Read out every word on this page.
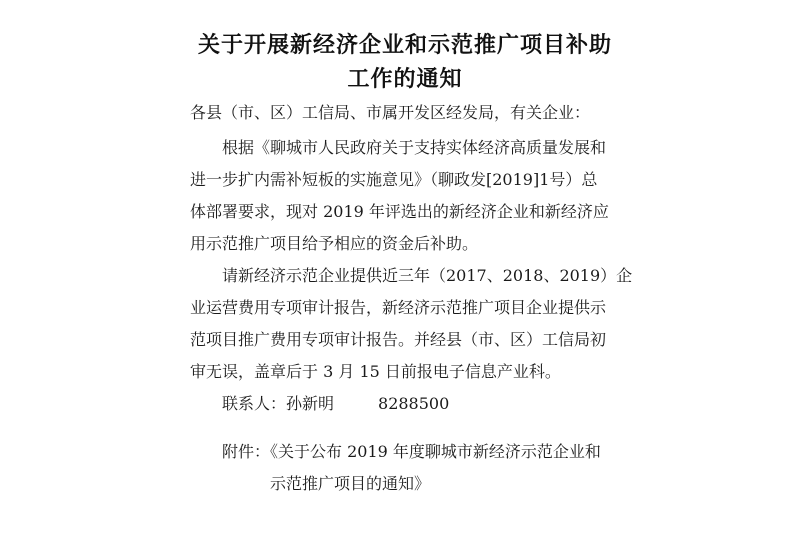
关于开展新经济企业和示范推广项目补助
工作的通知
各县（市、区）工信局、市属开发区经发局，有关企业：
根据《聊城市人民政府关于支持实体经济高质量发展和
进一步扩内需补短板的实施意见》（聊政发[2019]1号）总
体部署要求，现对 2019 年评选出的新经济企业和新经济应
用示范推广项目给予相应的资金后补助。
请新经济示范企业提供近三年（2017、2018、2019）企
业运营费用专项审计报告，新经济示范推广项目企业提供示
范项目推广费用专项审计报告。并经县（市、区）工信局初
审无误，盖章后于 3 月 15 日前报电子信息产业科。
联系人：孙新明	8288500
附件：《关于公布 2019 年度聊城市新经济示范企业和
示范推广项目的通知》
